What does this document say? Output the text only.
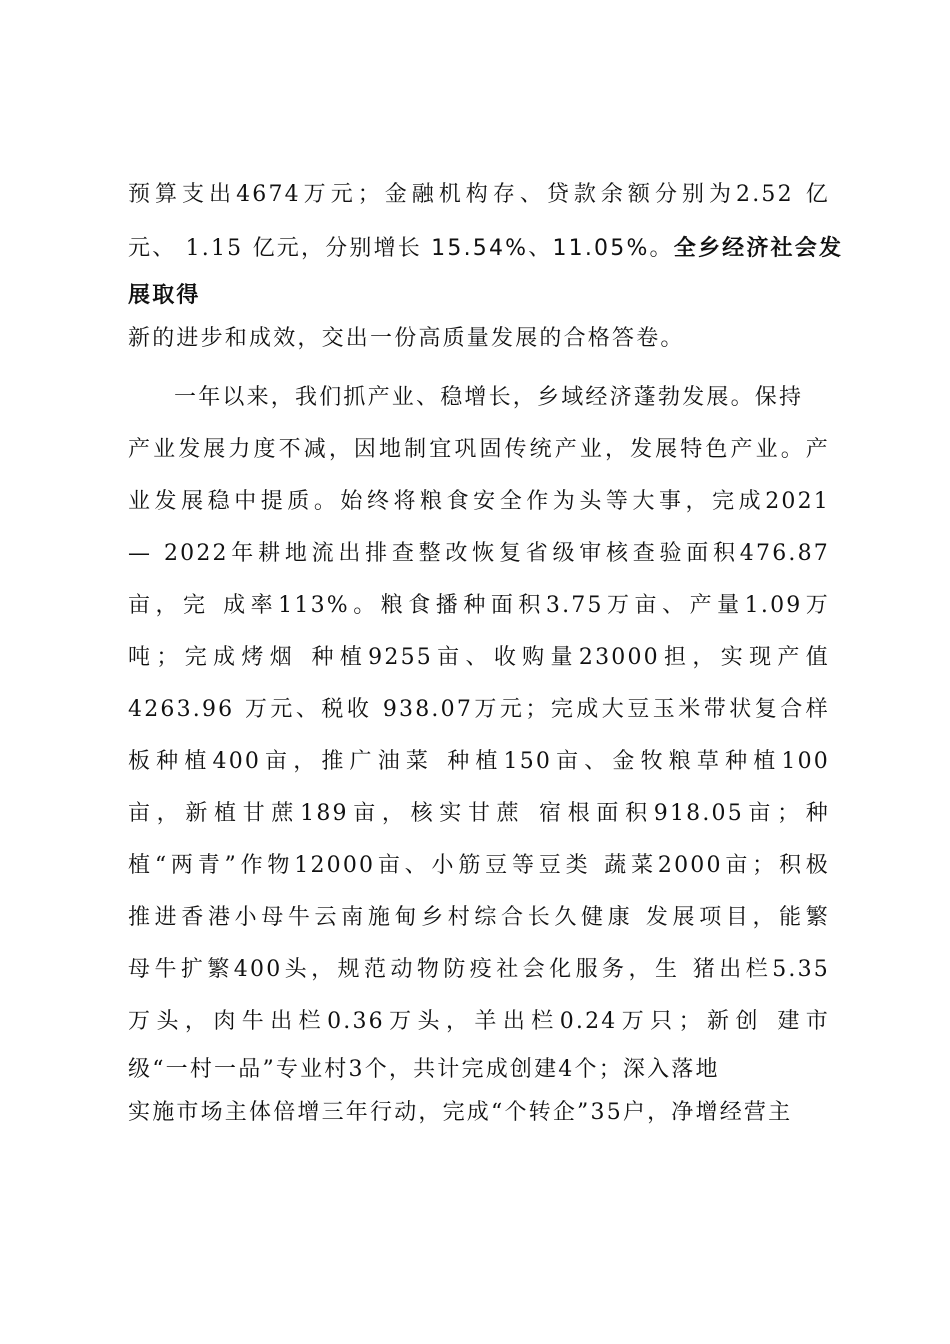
预算支出4674万元；金融机构存、贷款余额分别为2.52 亿
元、 1.15 亿元，分别增长 15.54%、11.05%。全乡经济社会发
展取得
新的进步和成效，交出一份高质量发展的合格答卷。
一年以来，我们抓产业、稳增长，乡域经济蓬勃发展。保持
产业发展力度不减，因地制宜巩固传统产业，发展特色产业。产
业发展稳中提质。始终将粮食安全作为头等大事，完成2021
— 2022年耕地流出排查整改恢复省级审核查验面积476.87
亩，完 成率113%。粮食播种面积3.75万亩、产量1.09万
吨；完成烤烟 种植9255亩、收购量23000担，实现产值
4263.96 万元、税收 938.07万元；完成大豆玉米带状复合样
板种植400亩，推广油菜 种植150亩、金牧粮草种植100
亩，新植甘蔗189亩，核实甘蔗 宿根面积918.05亩；种
植“两青”作物12000亩、小筋豆等豆类 蔬菜2000亩；积极
推进香港小母牛云南施甸乡村综合长久健康 发展项目，能繁
母牛扩繁400头，规范动物防疫社会化服务，生 猪出栏5.35
万头，肉牛出栏0.36万头，羊出栏0.24万只；新创 建市
级“一村一品”专业村3个，共计完成创建4个；深入落地
实施市场主体倍增三年行动，完成“个转企”35户，净增经营主
